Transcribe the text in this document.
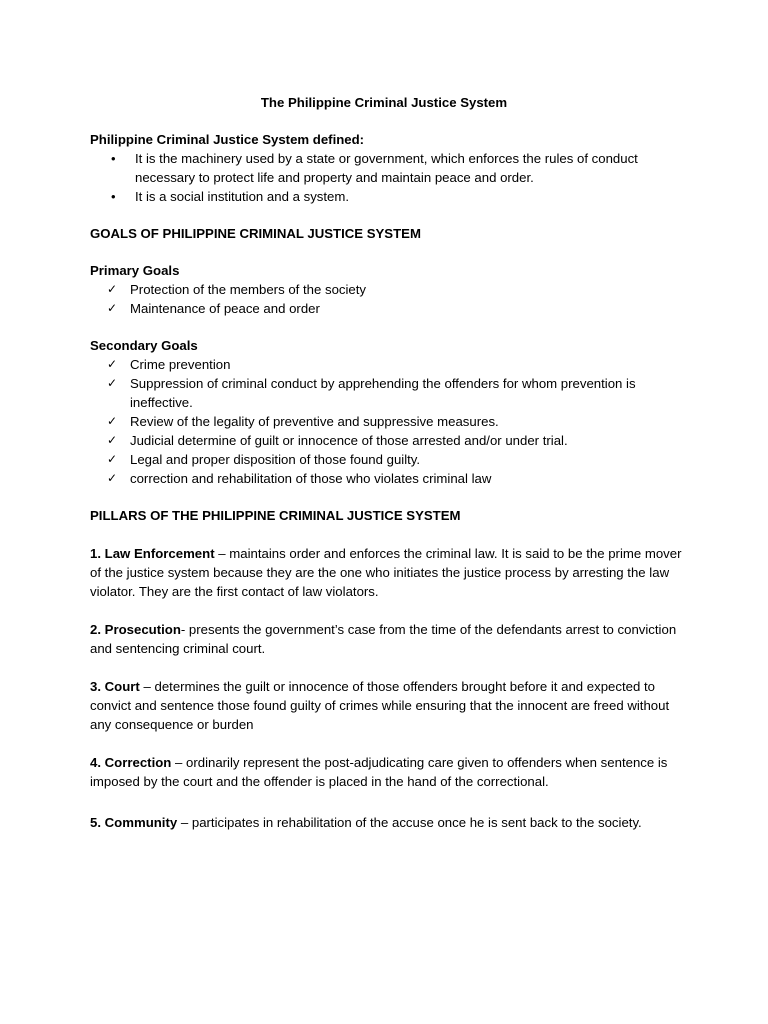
The Philippine Criminal Justice System

Philippine Criminal Justice System defined:

• It is the machinery used by a state or government, which enforces the rules of conduct necessary to protect life and property and maintain peace and order.
• It is a social institution and a system.

GOALS OF PHILIPPINE CRIMINAL JUSTICE SYSTEM

Primary Goals

✓ Protection of the members of the society
✓ Maintenance of peace and order

Secondary Goals

✓ Crime prevention
✓ Suppression of criminal conduct by apprehending the offenders for whom prevention is ineffective.
✓ Review of the legality of preventive and suppressive measures.
✓ Judicial determine of guilt or innocence of those arrested and/or under trial.
✓ Legal and proper disposition of those found guilty.
✓ correction and rehabilitation of those who violates criminal law

PILLARS OF THE PHILIPPINE CRIMINAL JUSTICE SYSTEM

1. Law Enforcement – maintains order and enforces the criminal law. It is said to be the prime mover of the justice system because they are the one who initiates the justice process by arresting the law violator. They are the first contact of law violators.

2. Prosecution- presents the government’s case from the time of the defendants arrest to conviction and sentencing criminal court.

3. Court – determines the guilt or innocence of those offenders brought before it and expected to convict and sentence those found guilty of crimes while ensuring that the innocent are freed without any consequence or burden

4. Correction – ordinarily represent the post-adjudicating care given to offenders when sentence is imposed by the court and the offender is placed in the hand of the correctional.

5. Community – participates in rehabilitation of the accuse once he is sent back to the society.
